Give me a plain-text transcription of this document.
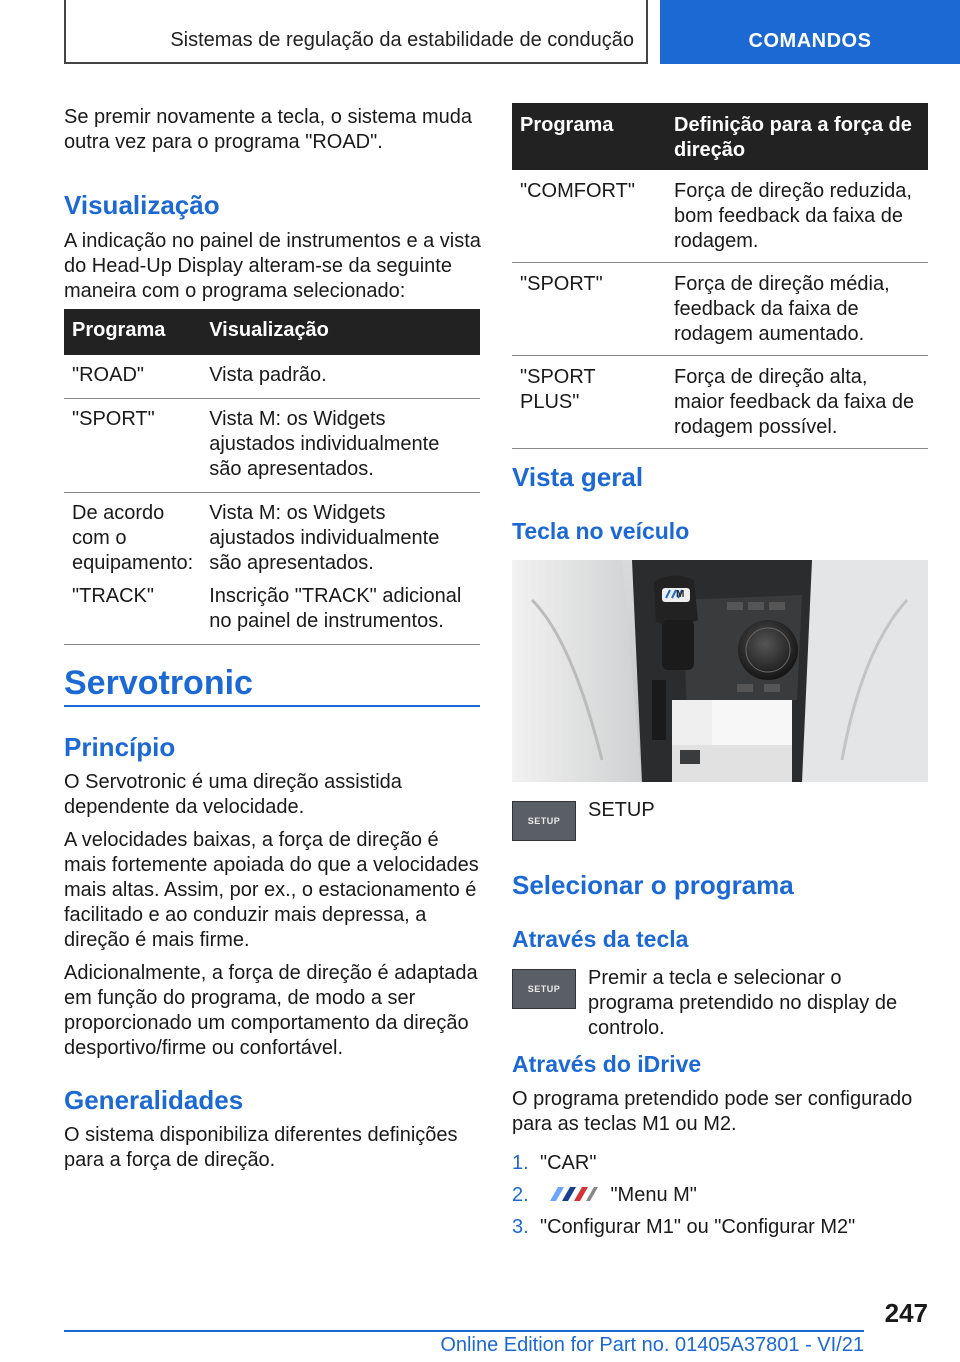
Sistemas de regulação da estabilidade de condução	COMANDOS

Se premir novamente a tecla, o sistema muda outra vez para o programa "ROAD".

Visualização

A indicação no painel de instrumentos e a vista do Head-Up Display alteram-se da seguinte maneira com o programa selecionado:

Programa	Visualização
"ROAD"	Vista padrão.
"SPORT"	Vista M: os Widgets ajustados individualmente são apresentados.
De acordo com o equipamento:	Vista M: os Widgets ajustados individualmente são apresentados.
"TRACK"	Inscrição "TRACK" adicional no painel de instrumentos.
Servotronic
Princípio

O Servotronic é uma direção assistida dependente da velocidade.

A velocidades baixas, a força de direção é mais fortemente apoiada do que a velocidades mais altas. Assim, por ex., o estacionamento é facilitado e ao conduzir mais depressa, a direção é mais firme.

Adicionalmente, a força de direção é adaptada em função do programa, de modo a ser proporcionado um comportamento da direção desportivo/firme ou confortável.

Generalidades

O sistema disponibiliza diferentes definições para a força de direção.

Programa	Definição para a força de direção
"COMFORT"	Força de direção reduzida, bom feedback da faixa de rodagem.
"SPORT"	Força de direção média, feedback da faixa de rodagem aumentado.
"SPORT PLUS"	Força de direção alta, maior feedback da faixa de rodagem possível.
Vista geral
Tecla no veículo
M
SETUP	SETUP

Selecionar o programa
Através da tecla
SETUP	Premir a tecla e selecionar o programa pretendido no display de controlo.

Através do iDrive

O programa pretendido pode ser configurado para as teclas M1 ou M2.

1. "CAR"
2.	"Menu M"
3. "Configurar M1" ou "Configurar M2"
247
Online Edition for Part no. 01405A37801 - VI/21
